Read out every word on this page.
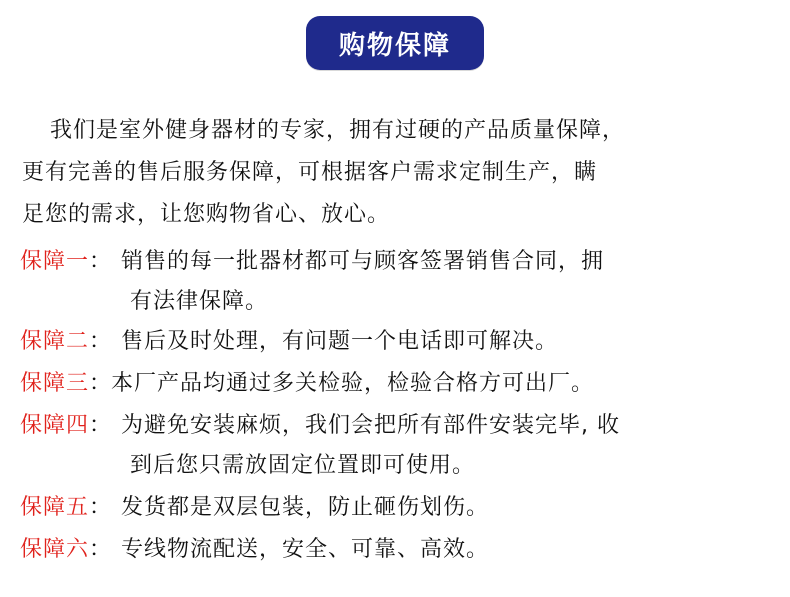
购物保障
我们是室外健身器材的专家，拥有过硬的产品质量保障，
更有完善的售后服务保障，可根据客户需求定制生产，瞒
足您的需求，让您购物省心、放心。
保障一 ： 销售的每一批器材都可与顾客签署销售合同，拥
有法律保障。
保障二 ： 售后及时处理，有问题一个电话即可解决。
保障三 ：
本厂产品均通过多关检验，检验合格方可出厂。
保障四 ： 为避免安装麻烦，我们会把所有部件安装完毕, 收
到后您只需放固定位置即可使用。
保障五 ： 发货都是双层包装，防止砸伤划伤。
保障六 ： 专线物流配送，安全、可靠、高效。
